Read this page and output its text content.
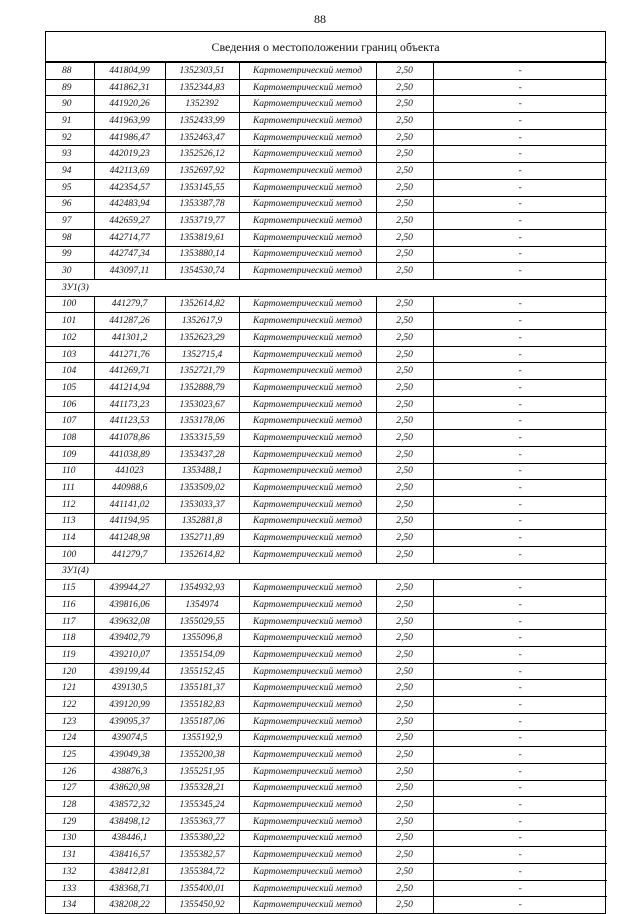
88
Сведения о местоположении границ объекта
88	441804,99	1352303,51	Картометрический метод	2,50	-
89	441862,31	1352344,83	Картометрический метод	2,50	-
90	441920,26	1352392	Картометрический метод	2,50	-
91	441963,99	1352433,99	Картометрический метод	2,50	-
92	441986,47	1352463,47	Картометрический метод	2,50	-
93	442019,23	1352526,12	Картометрический метод	2,50	-
94	442113,69	1352697,92	Картометрический метод	2,50	-
95	442354,57	1353145,55	Картометрический метод	2,50	-
96	442483,94	1353387,78	Картометрический метод	2,50	-
97	442659,27	1353719,77	Картометрический метод	2,50	-
98	442714,77	1353819,61	Картометрический метод	2,50	-
99	442747,34	1353880,14	Картометрический метод	2,50	-
30	443097,11	1354530,74	Картометрический метод	2,50	-
ЗУ1(3)					
100	441279,7	1352614,82	Картометрический метод	2,50	-
101	441287,26	1352617,9	Картометрический метод	2,50	-
102	441301,2	1352623,29	Картометрический метод	2,50	-
103	441271,76	1352715,4	Картометрический метод	2,50	-
104	441269,71	1352721,79	Картометрический метод	2,50	-
105	441214,94	1352888,79	Картометрический метод	2,50	-
106	441173,23	1353023,67	Картометрический метод	2,50	-
107	441123,53	1353178,06	Картометрический метод	2,50	-
108	441078,86	1353315,59	Картометрический метод	2,50	-
109	441038,89	1353437,28	Картометрический метод	2,50	-
110	441023	1353488,1	Картометрический метод	2,50	-
111	440988,6	1353509,02	Картометрический метод	2,50	-
112	441141,02	1353033,37	Картометрический метод	2,50	-
113	441194,95	1352881,8	Картометрический метод	2,50	-
114	441248,98	1352711,89	Картометрический метод	2,50	-
100	441279,7	1352614,82	Картометрический метод	2,50	-
ЗУ1(4)					
115	439944,27	1354932,93	Картометрический метод	2,50	-
116	439816,06	1354974	Картометрический метод	2,50	-
117	439632,08	1355029,55	Картометрический метод	2,50	-
118	439402,79	1355096,8	Картометрический метод	2,50	-
119	439210,07	1355154,09	Картометрический метод	2,50	-
120	439199,44	1355152,45	Картометрический метод	2,50	-
121	439130,5	1355181,37	Картометрический метод	2,50	-
122	439120,99	1355182,83	Картометрический метод	2,50	-
123	439095,37	1355187,06	Картометрический метод	2,50	-
124	439074,5	1355192,9	Картометрический метод	2,50	-
125	439049,38	1355200,38	Картометрический метод	2,50	-
126	438876,3	1355251,95	Картометрический метод	2,50	-
127	438620,98	1355328,21	Картометрический метод	2,50	-
128	438572,32	1355345,24	Картометрический метод	2,50	-
129	438498,12	1355363,77	Картометрический метод	2,50	-
130	438446,1	1355380,22	Картометрический метод	2,50	-
131	438416,57	1355382,57	Картометрический метод	2,50	-
132	438412,81	1355384,72	Картометрический метод	2,50	-
133	438368,71	1355400,01	Картометрический метод	2,50	-
134	438208,22	1355450,92	Картометрический метод	2,50	-
